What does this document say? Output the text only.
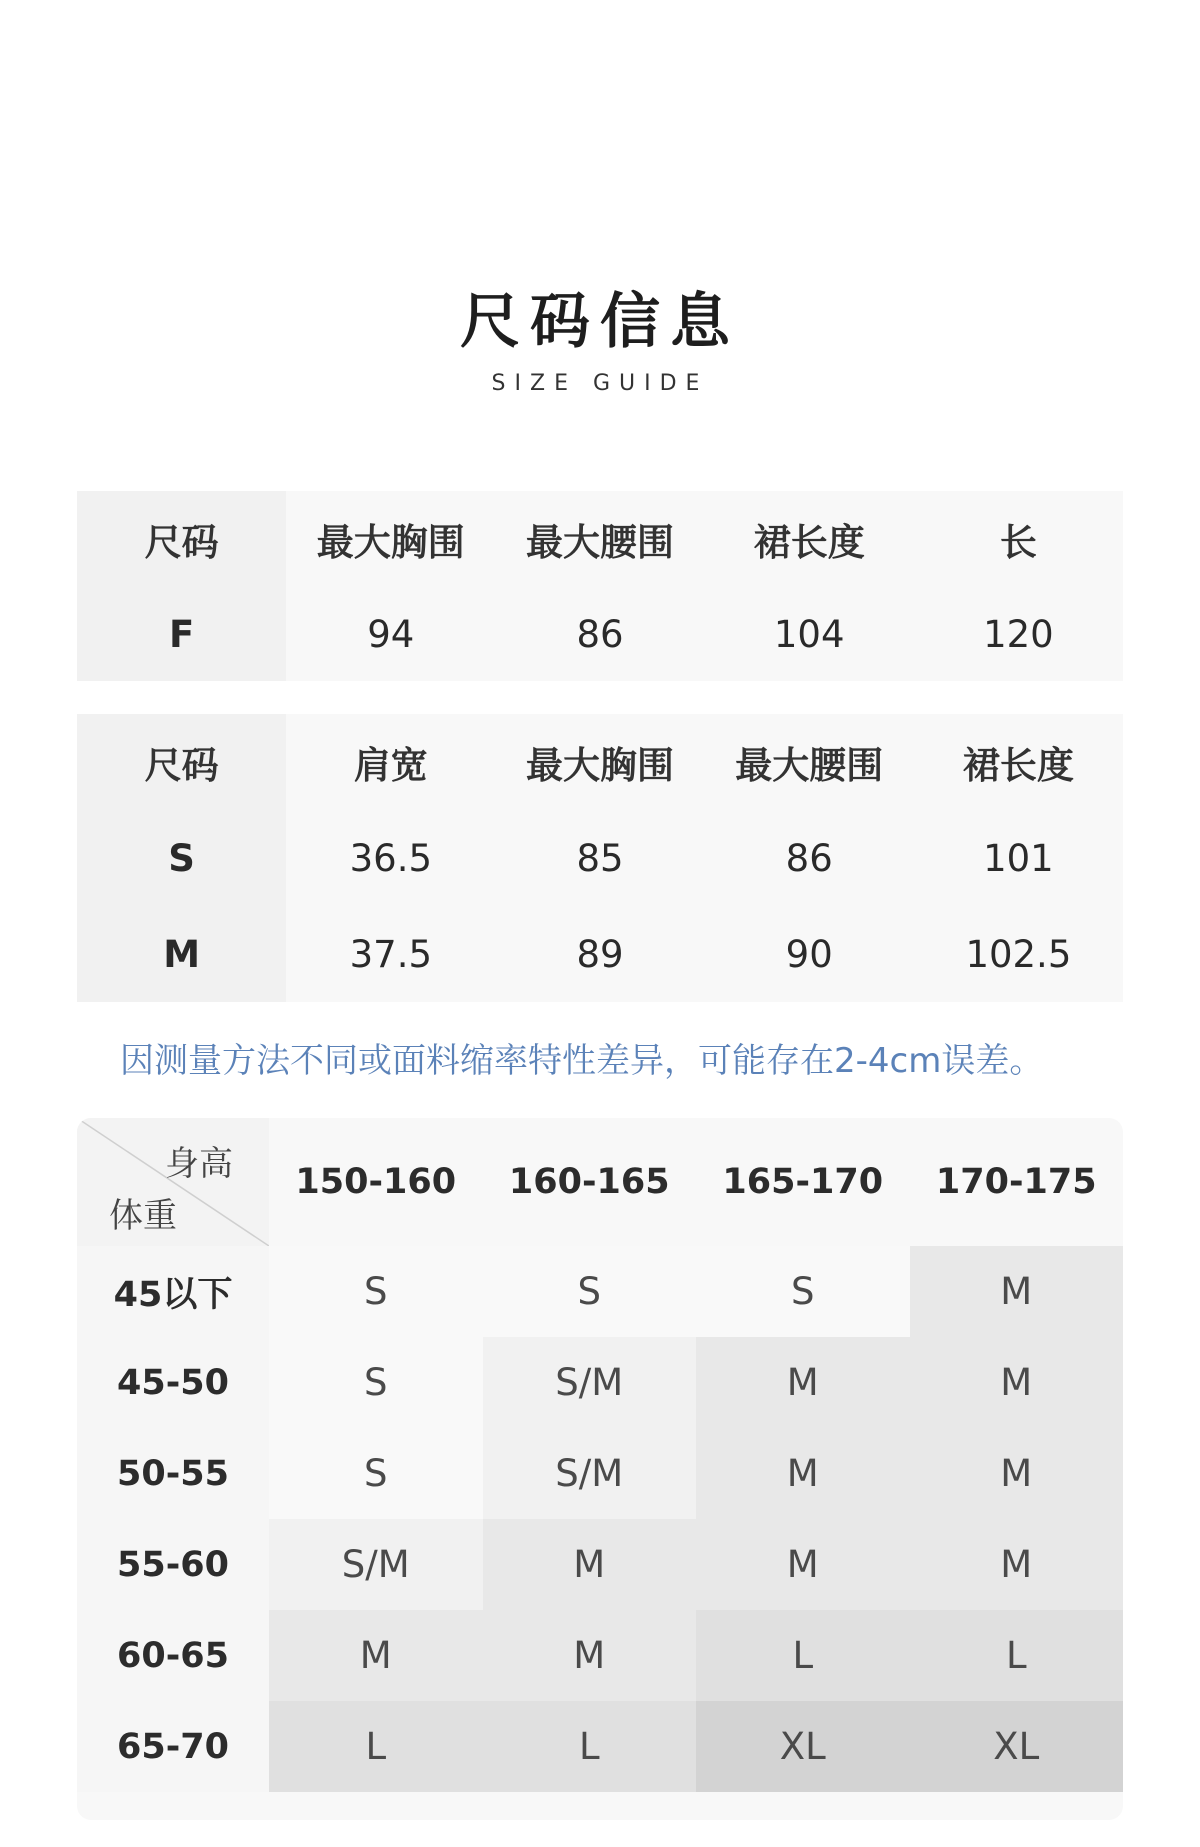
尺码信息
SIZE GUIDE
尺码	最大胸围	最大腰围	裙长度	长
F	94	86	104	120
尺码	肩宽	最大胸围	最大腰围	裙长度
S	36.5	85	86	101
M	37.5	89	90	102.5
因测量方法不同或面料缩率特性差异，可能存在2-4cm误差。
身高
体重
150-160	160-165	165-170	170-175
45以下	S	S	S	M
45-50	S	S/M	M	M
50-55	S	S/M	M	M
55-60	S/M	M	M	M
60-65	M	M	L	L
65-70	L	L	XL	XL
